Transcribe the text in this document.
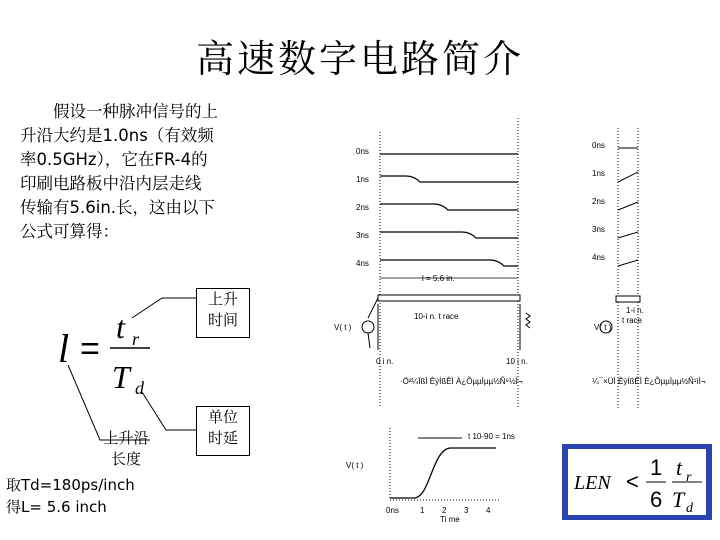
高速数字电路简介
假设一种脉冲信号的上
升沿大约是1.0ns（有效频
率0.5GHz），它在FR-4的
印刷电路板中沿内层走线
传输有5.6in.长，这由以下
公式可算得：
l =
t r
T d
上升
时间
单位
时延
上升沿
长度
取Td=180ps/inch
得L= 5.6 inch
0ns
1ns
2ns
3ns
4ns
l = 5.6 in.
10-i n. t race
V( t )
0 i n.	10 i n.
·Ö²¼ÏßÌ ÊýÍßÊÌ À¿ÕµµÌµµ½Ñ⁹½Ì¬
0ns
1ns
2ns
3ns
4ns
V( t )
1-i n.
t race
¼¯×ÜÌ ÊýÍßÊÌ È¿ÕµµÌµµ½Ñ¹ìÌ¬
V( t )
t 10-90 = 1ns
0ns	1 2 3 4
Ti me
LEN <
1
6
t r
T d
